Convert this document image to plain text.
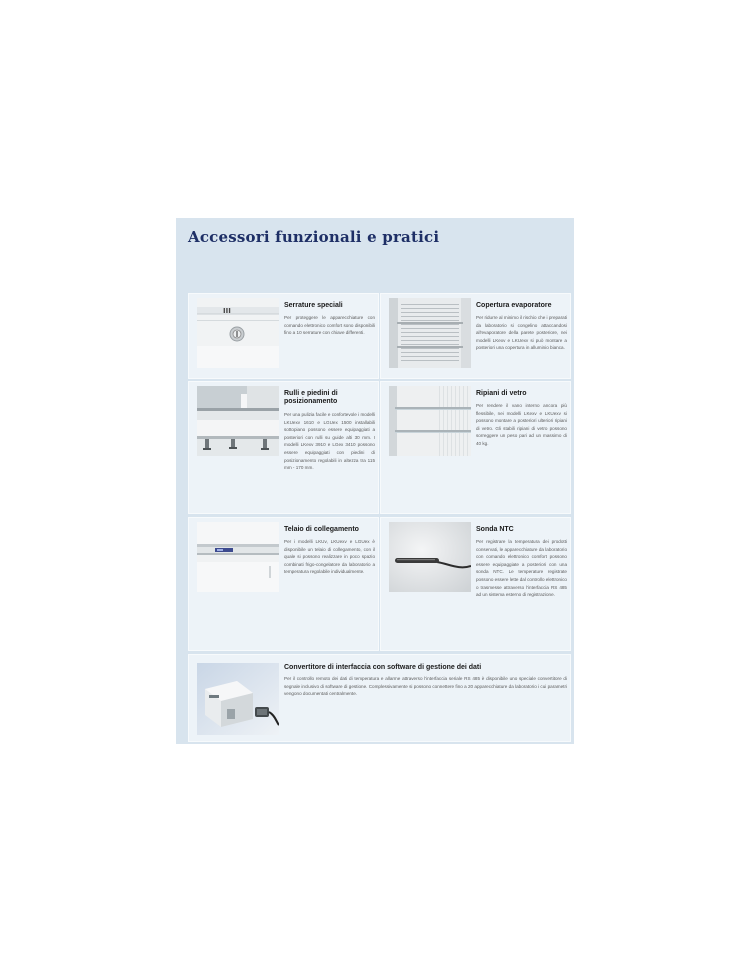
Accessori funzionali e pratici
III
Serrature speciali

Per proteggere le apparecchiature con comando elettronico comfort sono disponibili fino a 10 serrature con chiave differenti.

Copertura evaporatore

Per ridurre al minimo il rischio che i preparati da laboratorio si congelino attaccandosi all'evaporatore della parete posteriore, nei modelli LKexv e LKUexv si può montare a posteriori una copertura in alluminio bianca.

Rulli e piedini di posizionamento

Per una pulizia facile e confortevole i modelli LKUexv 1610 e LGUex 1500 installabili sottopiano possono essere equipaggiati a posteriori con rulli su guide alti 30 mm. I modelli LKexv 3910 e LGex 3410 possono essere equipaggiati con piedini di posizionamento regolabili in altezza tra 115 mm - 170 mm.

Ripiani di vetro

Per rendere il vano interno ancora più flessibile, nei modelli LKexv e LKUexv si possono montare a posteriori ulteriori ripiani di vetro. Gli stabili ripiani di vetro possono sorreggere un peso pari ad un massimo di 40 kg.

Telaio di collegamento

Per i modelli LKUv, LKUexv e LGUex è disponibile un telaio di collegamento, con il quale si possono realizzare in poco spazio combinati frigo-congelatore da laboratorio a temperatura regolabile individualmente.

Sonda NTC

Per registrare la temperatura dei prodotti conservati, le apparecchiature da laboratorio con comando elettronico comfort possono essere equipaggiate a posteriori con una sonda NTC. Le temperature registrate possono essere lette dal controllo elettronico o trasmesse attraverso l'interfaccia RS 485 ad un sistema esterno di registrazione.

Convertitore di interfaccia con software di gestione dei dati

Per il controllo remoto dei dati di temperatura e allarme attraverso l'interfaccia seriale RS 485 è disponibile uno speciale convertitore di segnale inclusivo di software di gestione. Complessivamente si possono connettere fino a 20 apparecchiature da laboratorio i cui parametri vengono documentati centralmente.
